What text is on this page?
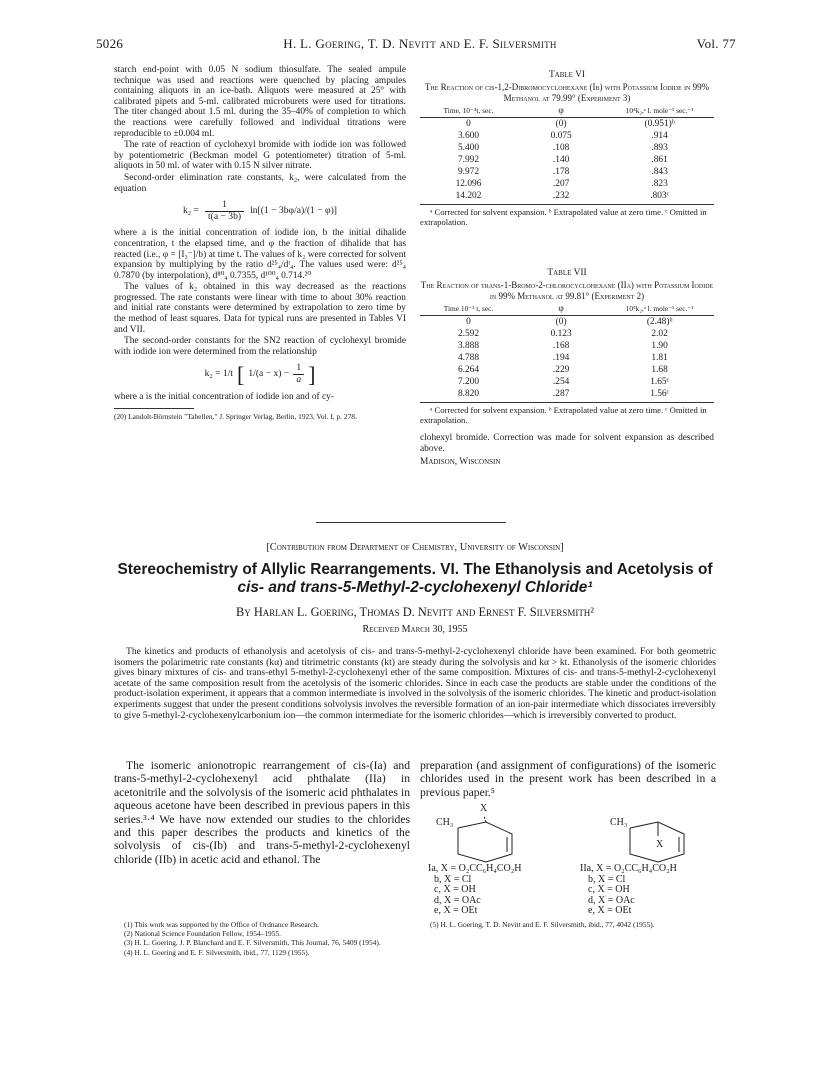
5026	H. L. Goering, T. D. Nevitt and E. F. Silversmith	Vol. 77

starch end-point with 0.05 N sodium thiosulfate. The sealed ampule technique was used and reactions were quenched by placing ampules containing aliquots in an ice-bath. Aliquots were measured at 25° with calibrated pipets and 5-ml. calibrated microburets were used for titrations. The titer changed about 1.5 ml. during the 35–40% of completion to which the reactions were carefully followed and individual titrations were reproducible to ±0.004 ml.

The rate of reaction of cyclohexyl bromide with iodide ion was followed by potentiometric (Beckman model G potentiometer) titration of 5-ml. aliquots in 50 ml. of water with 0.15 N silver nitrate.

Second-order elimination rate constants, k₂, were calculated from the equation

$k_2 = \frac{1}{t(a - 3b)} \ln[(1 - 3b\varphi/a)/(1 - \varphi)]$

where a is the initial concentration of iodide ion, b the initial dihalide concentration, t the elapsed time, and φ the fraction of dihalide that has reacted (i.e., φ = [I₃⁻]/b) at time t. The values of k₂ were corrected for solvent expansion by multiplying by the ratio d²⁵₄/dᵗ₄. The values used were: d²⁵₄ 0.7870 (by interpolation), d⁸⁰₄ 0.7355, d¹⁰⁰₄ 0.714.²⁰

The values of k₂ obtained in this way decreased as the reactions progressed. The rate constants were linear with time to about 30% reaction and initial rate constants were determined by extrapolation to zero time by the method of least squares. Data for typical runs are presented in Tables VI and VII.

The second-order constants for the SN2 reaction of cyclohexyl bromide with iodide ion were determined from the relationship

k₂ = 1/t [ $1/(a - x) - \frac{1}{a}$ ]

where a is the initial concentration of iodide ion and of cy-

(20) Landolt-Börnstein "Tabellen," J. Springer Verlag, Berlin, 1923, Vol. I, p. 278.
Table VI
The Reaction of cis-1,2-Dibromocyclohexane (Ib) with Potassium Iodide in 99% Methanol at 79.99° (Experiment 3)
Time, 10⁻⁴t, sec.	φ	10⁴k₂,ᵃ l. mole⁻¹ sec.⁻¹
0	(0)	(0.951)ᵇ
3.600	0.075	.914
5.400	.108	.893
7.992	.140	.861
9.972	.178	.843
12.096	.207	.823
14.202	.232	.803ᶜ
ᵃ Corrected for solvent expansion. ᵇ Extrapolated value at zero time. ᶜ Omitted in extrapolation.
Table VII
The Reaction of trans-1-Bromo-2-chlorocyclohexane (IIa) with Potassium Iodide in 99% Methanol at 99.81° (Experiment 2)
Time 10⁻³ t, sec.	φ	10⁵k₂,ᵃ l. mole⁻¹ sec.⁻¹
0	(0)	(2.48)ᵇ
2.592	0.123	2.02
3.888	.168	1.90
4.788	.194	1.81
6.264	.229	1.68
7.200	.254	1.65ᶜ
8.820	.287	1.56ᶜ
ᵃ Corrected for solvent expansion. ᵇ Extrapolated value at zero time. ᶜ Omitted in extrapolation.
clohexyl bromide. Correction was made for solvent expansion as described above.
Madison, Wisconsin
[Contribution from Department of Chemistry, University of Wisconsin]
Stereochemistry of Allylic Rearrangements. VI. The Ethanolysis and Acetolysis of
cis- and trans-5-Methyl-2-cyclohexenyl Chloride¹
By Harlan L. Goering, Thomas D. Nevitt and Ernest F. Silversmith²
Received March 30, 1955

The kinetics and products of ethanolysis and acetolysis of cis- and trans-5-methyl-2-cyclohexenyl chloride have been examined. For both geometric isomers the polarimetric rate constants (kα) and titrimetric constants (kt) are steady during the solvolysis and kα > kt. Ethanolysis of the isomeric chlorides gives binary mixtures of cis- and trans-ethyl 5-methyl-2-cyclohexenyl ether of the same composition. Mixtures of cis- and trans-5-methyl-2-cyclohexenyl acetate of the same composition result from the acetolysis of the isomeric chlorides. Since in each case the products are stable under the conditions of the product-isolation experiment, it appears that a common intermediate is involved in the solvolysis of the isomeric chlorides. The kinetic and product-isolation experiments suggest that under the present conditions solvolysis involves the reversible formation of an ion-pair intermediate which dissociates irreversibly to give 5-methyl-2-cyclohexenylcarbonium ion—the common intermediate for the isomeric chlorides—which is irreversibly converted to product.

The isomeric anionotropic rearrangement of cis-(Ia) and trans-5-methyl-2-cyclohexenyl acid phthalate (IIa) in acetonitrile and the solvolysis of the isomeric acid phthalates in aqueous acetone have been described in previous papers in this series.³·⁴ We have now extended our studies to the chlorides and this paper describes the products and kinetics of the solvolysis of cis-(Ib) and trans-5-methyl-2-cyclohexenyl chloride (IIb) in acetic acid and ethanol. The

preparation (and assignment of configurations) of the isomeric chlorides used in the present work has been described in a previous paper.⁵

X
CH₃
Ia, X = O₂CC₆H₄CO₂H
b, X = Cl
c, X = OH
d, X = OAc
e, X = OEt
CH₃
X
IIa, X = O₂CC₆H₄CO₂H
b, X = Cl
c, X = OH
d, X = OAc
e, X = OEt

(1) This work was supported by the Office of Ordnance Research.

(2) National Science Foundation Fellow, 1954–1955.

(3) H. L. Goering, J. P. Blanchard and E. F. Silversmith, This Journal, 76, 5409 (1954).

(4) H. L. Goering and E. F. Silversmith, ibid., 77, 1129 (1955).

(5) H. L. Goering, T. D. Nevitt and E. F. Silversmith, ibid., 77, 4042 (1955).
